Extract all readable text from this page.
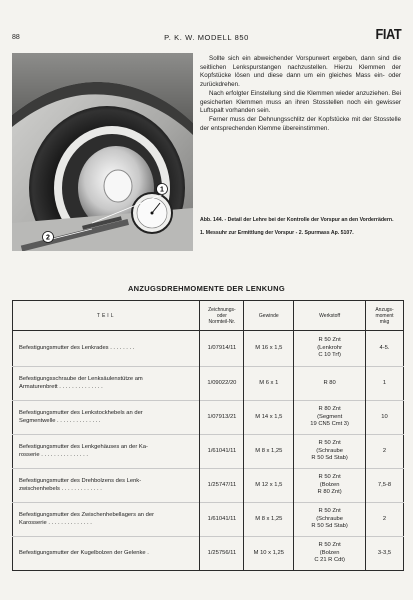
88	P. K. W. MODELL 850	FIAT
1
2

Sollte sich ein abweichender Vorspurwert ergeben, dann sind die seitlichen Lenkspurstangen nachzustellen. Hierzu Klemmen der Kopfstücke lösen und diese dann um ein gleiches Mass ein- oder zurückdrehen.

Nach erfolgter Einstellung sind die Klemmen wieder anzuziehen. Bei gesicherten Klemmen muss an ihren Stosstellen noch ein gewisser Luftspalt vorhanden sein.

Ferner muss der Dehnungsschlitz der Kopfstücke mit der Stosstelle der entsprechenden Klemme übereinstimmen.

Abb. 144. - Detail der Lehre bei der Kontrolle der Vorspur an den Vorderrädern.
1. Messuhr zur Ermittlung der Vorspur - 2. Spurmass Ap. 5107.
ANZUGSDREHMOMENTE DER LENKUNG
TEIL	Zeichnungs-
oder
Normteil-Nr.	Gewinde	Werkstoff	Anzugs-
moment
mkg
Befestigungsmutter des Lenkrades . . . . . . . .	1/07914/11	M 16 x 1,5	R 50 Znt
(Lenkrohr
C 10 Trf)	4-5.
Befestigungsschraube der Lenksäulenstütze am
Armaturenbrett . . . . . . . . . . . . . .	1/09022/20	M 6 x 1	R 80	1
Befestigungsmutter des Lenkstockhebels an der
Segmentwelle . . . . . . . . . . . . . .	1/07913/21	M 14 x 1,5	R 80 Znt
(Segment
19 CN5 Cmt 3)	10
Befestigungsmutter des Lenkgehäuses an der Ka-
rosserie . . . . . . . . . . . . . . .	1/61041/11	M 8 x 1,25	R 50 Znt
(Schraube
R 50 Sd Stab)	2
Befestigungsmutter des Drehbolzens des Lenk-
zwischenhebels . . . . . . . . . . . . .	1/25747/11	M 12 x 1,5	R 50 Znt
(Bolzen
R 80 Znt)	7,5-8
Befestigungsmutter des Zwischenhebellagers an der
Karosserie . . . . . . . . . . . . . .	1/61041/11	M 8 x 1,25	R 50 Znt
(Schraube
R 50 Sd Stab)	2
Befestigungsmutter der Kugelbolzen der Gelenke .	1/25756/11	M 10 x 1,25	R 50 Znt
(Bolzen
C 21 R Cdt)	3-3,5
